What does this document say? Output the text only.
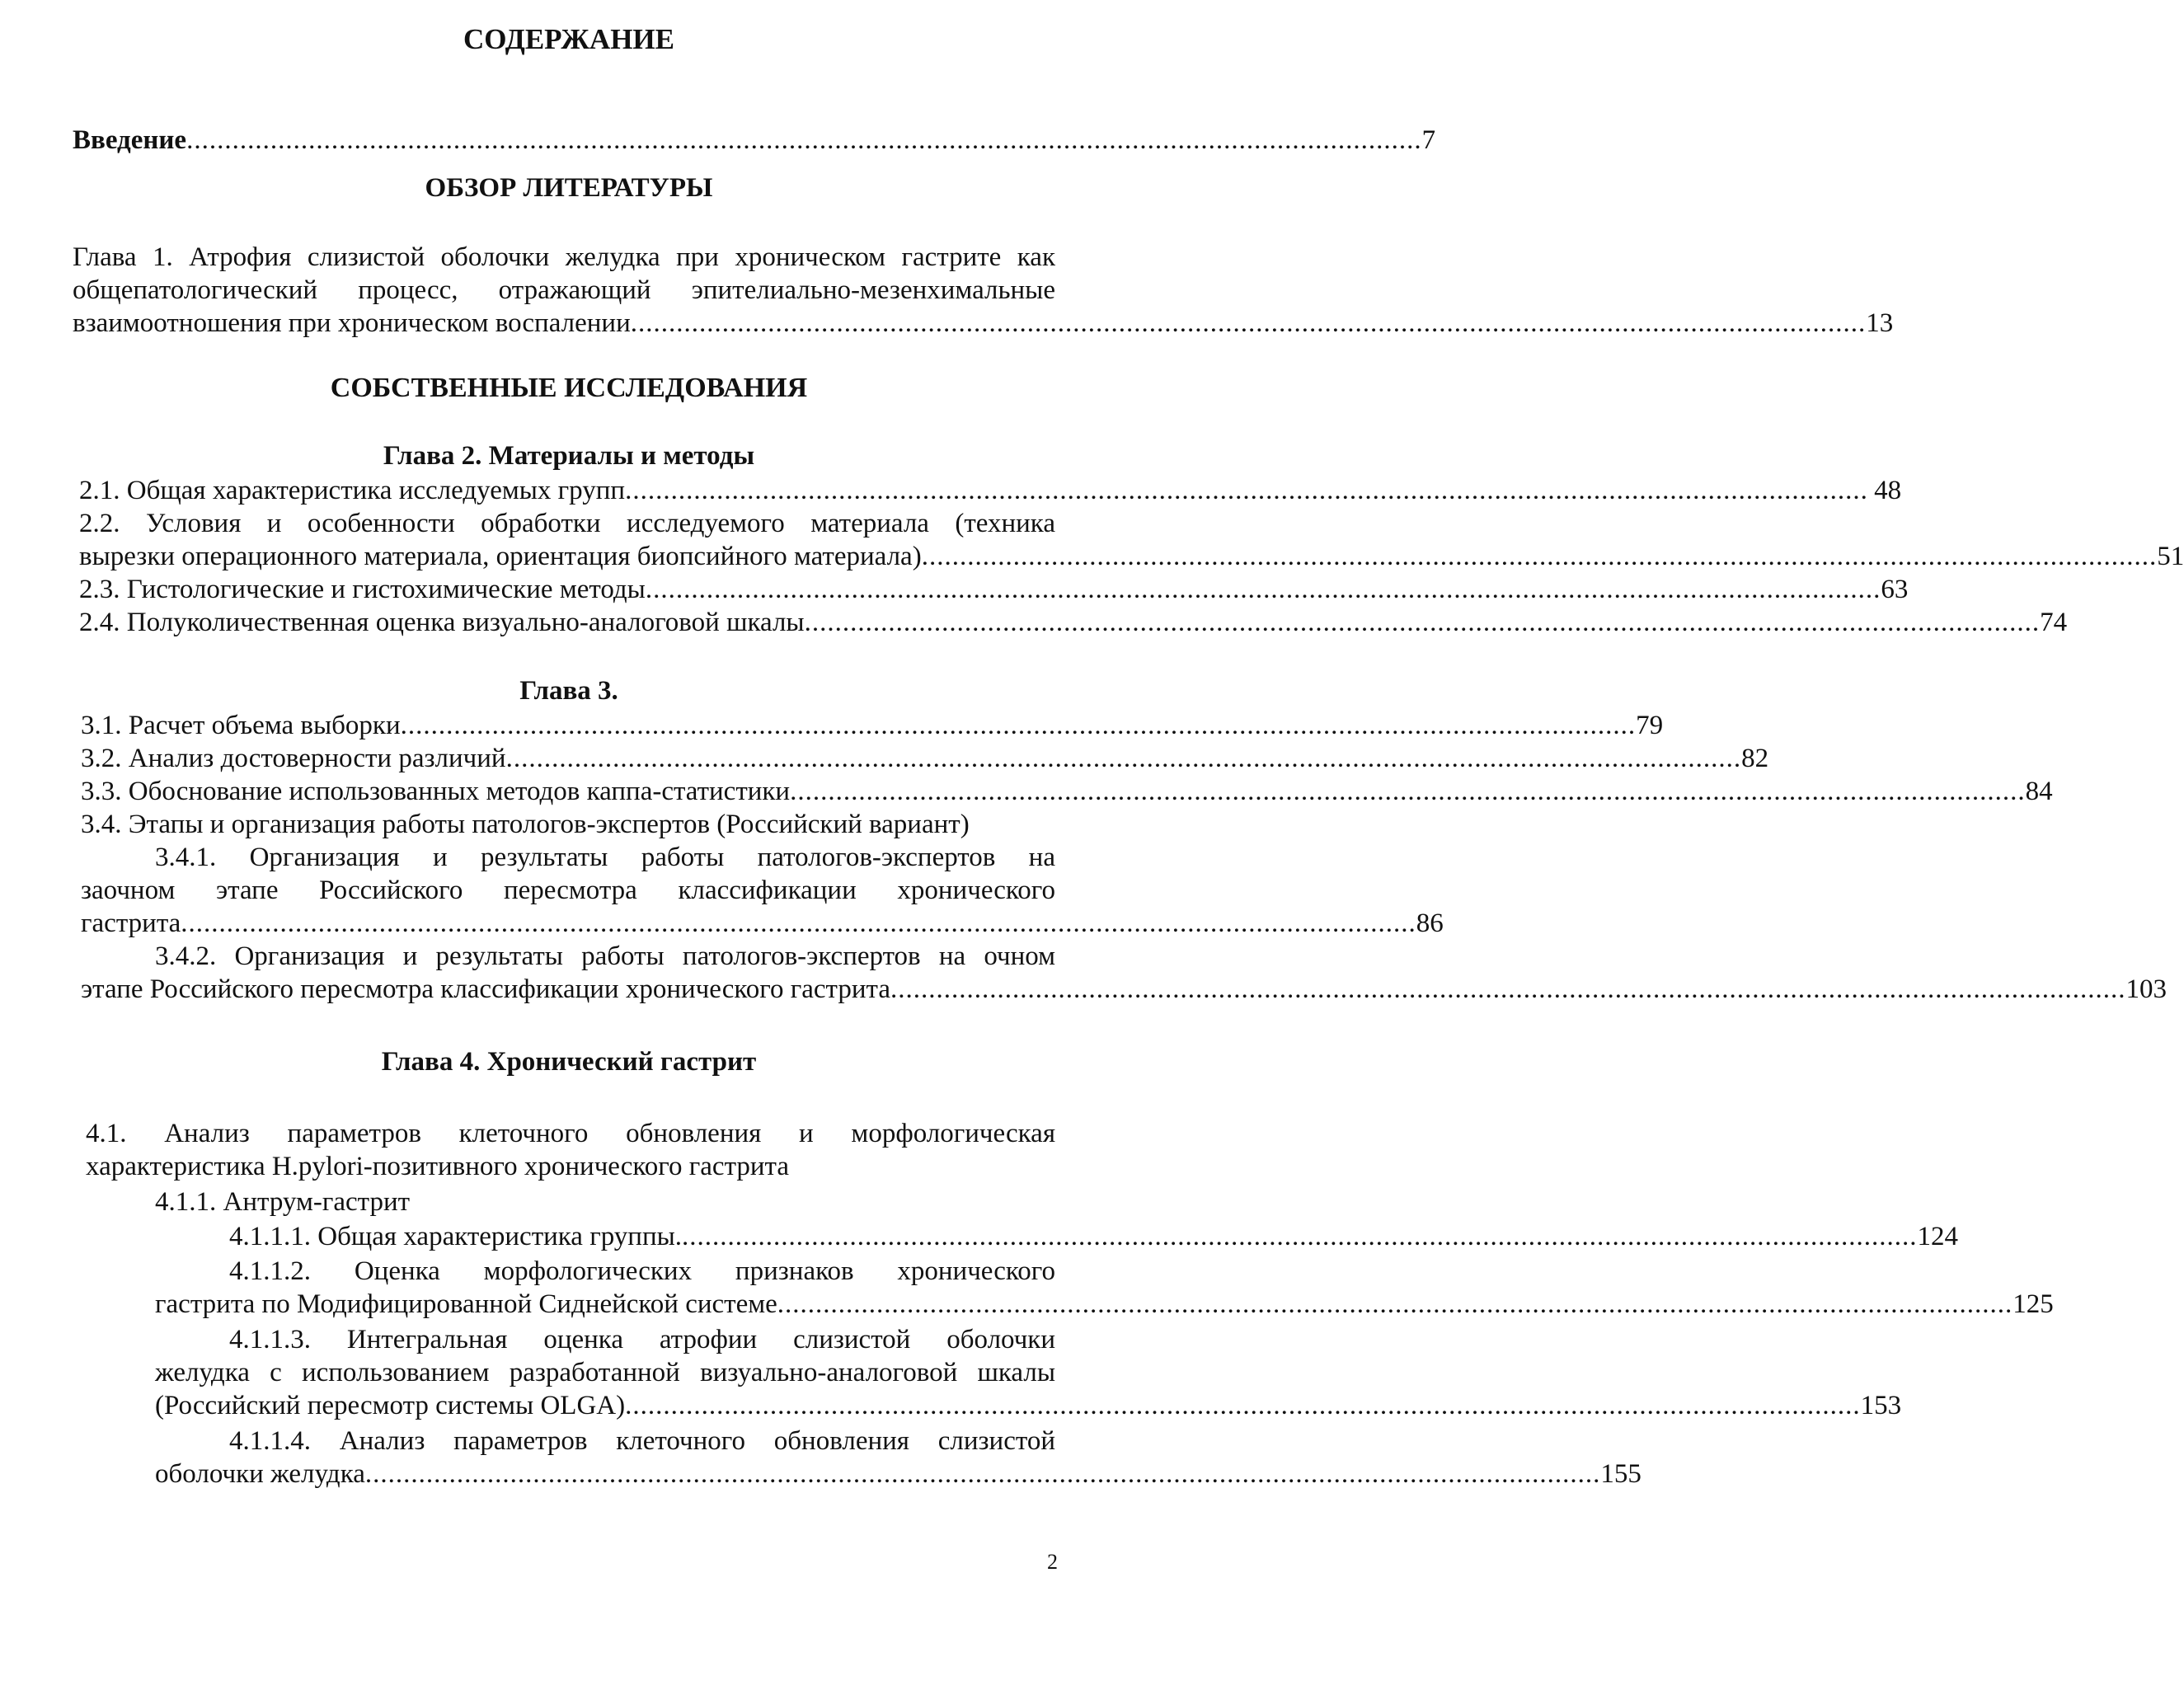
СОДЕРЖАНИЕ
Введение .................................................................................................................................................................. 7
ОБЗОР ЛИТЕРАТУРЫ
Глава 1. Атрофия слизистой оболочки желудка при хроническом гастрите как
общепатологический процесс, отражающий эпителиально-мезенхимальные
взаимоотношения при хроническом воспалении .................................................................................................................................................................. 13
СОБСТВЕННЫЕ ИССЛЕДОВАНИЯ
Глава 2. Материалы и методы
2.1. Общая характеристика исследуемых групп .................................................................................................................................................................. . 48
2.2. Условия и особенности обработки исследуемого материала (техника
вырезки операционного материала, ориентация биопсийного материала) .................................................................................................................................................................. 51
2.3. Гистологические и гистохимические методы .................................................................................................................................................................. 63
2.4. Полуколичественная оценка визуально-аналоговой шкалы .................................................................................................................................................................. 74
Глава 3.
3.1. Расчет объема выборки .................................................................................................................................................................. 79
3.2. Анализ достоверности различий .................................................................................................................................................................. 82
3.3. Обоснование использованных методов каппа-статистики .................................................................................................................................................................. 84
3.4. Этапы и организация работы патологов-экспертов (Российский вариант)
3.4.1. Организация и результаты работы патологов-экспертов на
заочном этапе Российского пересмотра классификации хронического
гастрита .................................................................................................................................................................. 86
3.4.2. Организация и результаты работы патологов-экспертов на очном
этапе Российского пересмотра классификации хронического гастрита .................................................................................................................................................................. 103
Глава 4. Хронический гастрит
4.1. Анализ параметров клеточного обновления и морфологическая
характеристика H.pylori-позитивного хронического гастрита
4.1.1. Антрум-гастрит
4.1.1.1. Общая характеристика группы. .................................................................................................................................................................. 124
4.1.1.2. Оценка морфологических признаков хронического
гастрита по Модифицированной Сиднейской системе .................................................................................................................................................................. 125
4.1.1.3. Интегральная оценка атрофии слизистой оболочки
желудка с использованием разработанной визуально-аналоговой шкалы
(Российский пересмотр системы OLGA) .................................................................................................................................................................. 153
4.1.1.4. Анализ параметров клеточного обновления слизистой
оболочки желудка .................................................................................................................................................................. 155
2
